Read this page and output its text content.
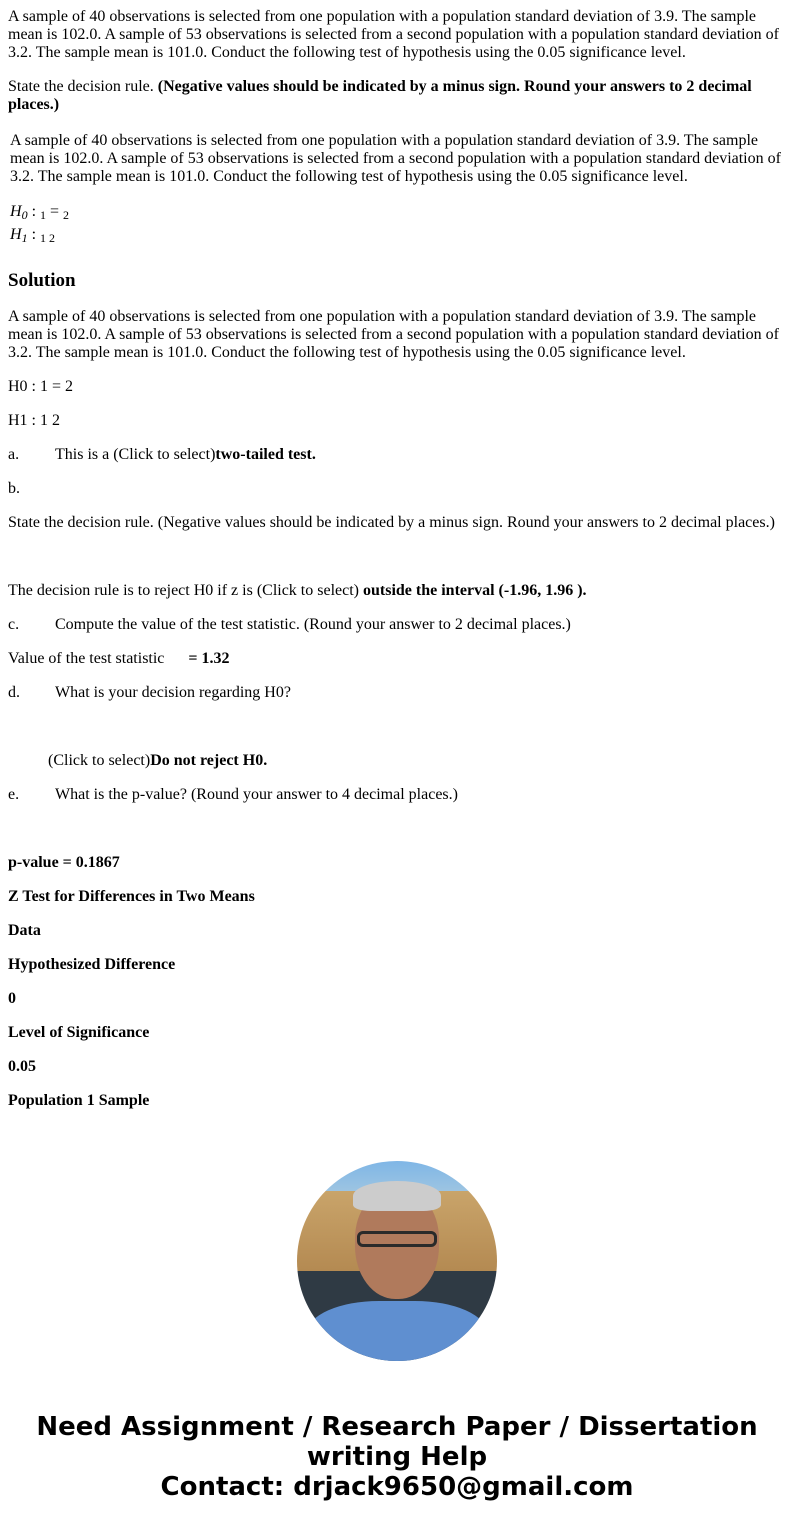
A sample of 40 observations is selected from one population with a population standard deviation of 3.9. The sample mean is 102.0. A sample of 53 observations is selected from a second population with a population standard deviation of 3.2. The sample mean is 101.0. Conduct the following test of hypothesis using the 0.05 significance level.

State the decision rule. (Negative values should be indicated by a minus sign. Round your answers to 2 decimal places.)

A sample of 40 observations is selected from one population with a population standard deviation of 3.9. The sample mean is 102.0. A sample of 53 observations is selected from a second population with a population standard deviation of 3.2. The sample mean is 101.0. Conduct the following test of hypothesis using the 0.05 significance level.

$H_0$ : $_1$ = $_2$
$H_1$ : $_1$ $_2$
Solution

A sample of 40 observations is selected from one population with a population standard deviation of 3.9. The sample mean is 102.0. A sample of 53 observations is selected from a second population with a population standard deviation of 3.2. The sample mean is 101.0. Conduct the following test of hypothesis using the 0.05 significance level.

H0 : 1 = 2

H1 : 1 2

a. This is a (Click to select)two-tailed test.

b.

State the decision rule. (Negative values should be indicated by a minus sign. Round your answers to 2 decimal places.)

The decision rule is to reject H0 if z is (Click to select) outside the interval (-1.96, 1.96 ).

c. Compute the value of the test statistic. (Round your answer to 2 decimal places.)

Value of the test statistic = 1.32

d. What is your decision regarding H0?

(Click to select)Do not reject H0.

e. What is the p-value? (Round your answer to 4 decimal places.)

p-value = 0.1867

Z Test for Differences in Two Means

Data

Hypothesized Difference

0

Level of Significance

0.05

Population 1 Sample

Need Assignment / Research Paper / Dissertation writing Help
Contact: drjack9650@gmail.com
